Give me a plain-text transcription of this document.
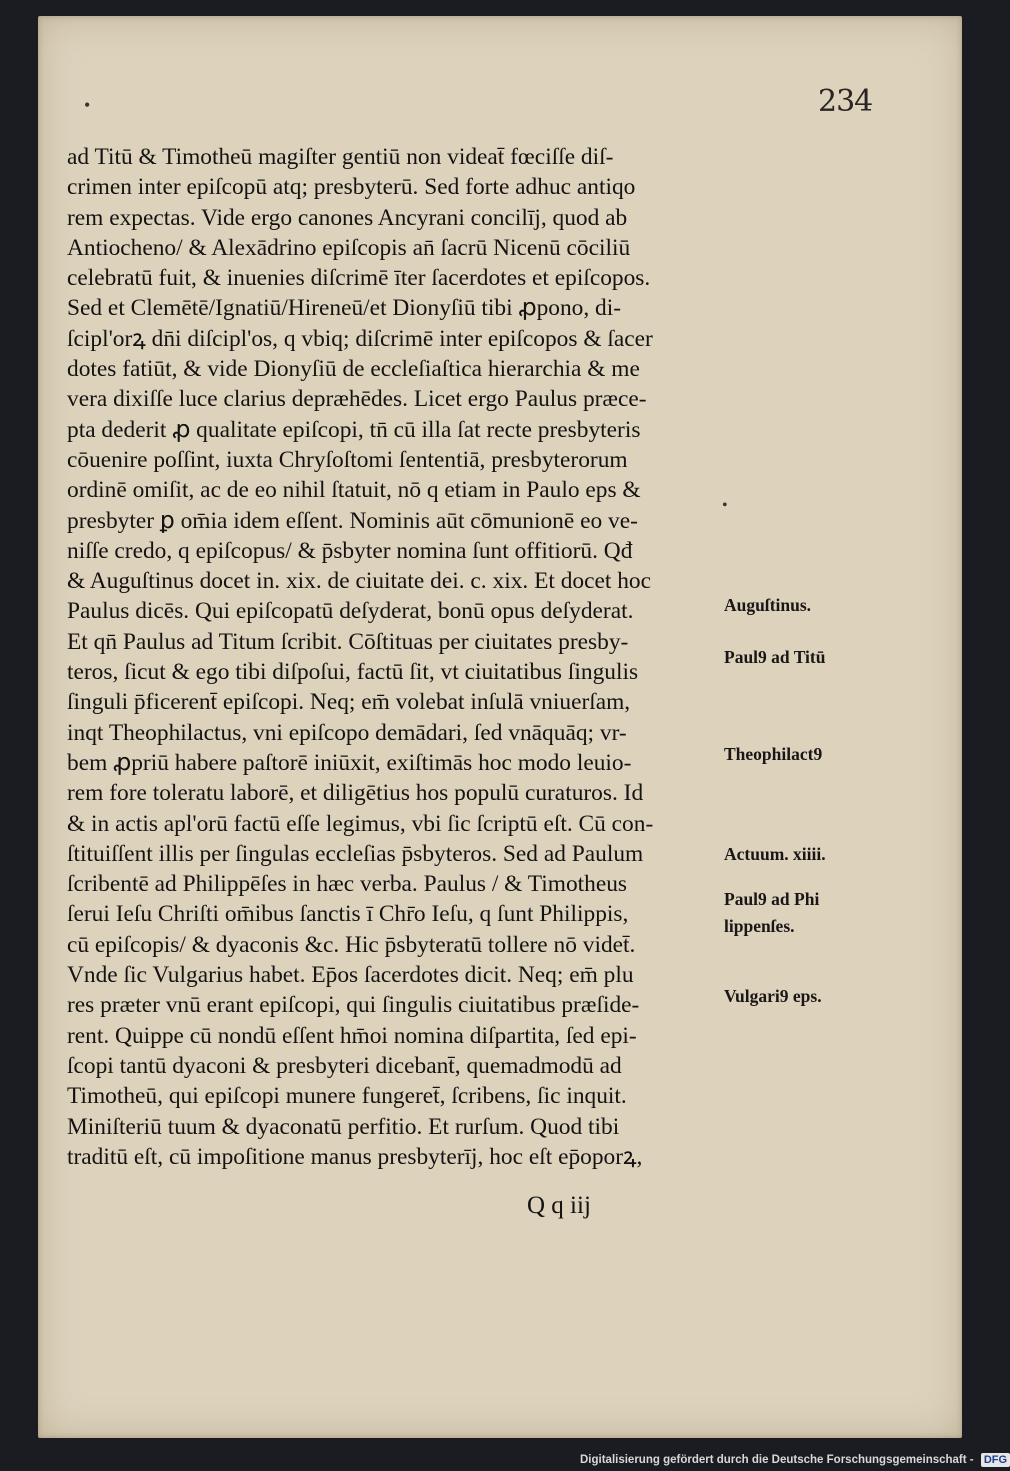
234
•
ad Titū & Timotheū magiſter gentiū non videat̄ fœciſſe diſ-
crimen inter epiſcopū atq; presbyterū. Sed forte adhuc antiqo
rem expectas. Vide ergo canones Ancyrani concilīj, quod ab
Antiocheno/ & Alexādrino epiſcopis an̄ ſacrū Nicenū cōciliū
celebratū fuit, & inuenies diſcrimē īter ſacerdotes et epiſcopos.
Sed et Clemētē/Ignatiū/Hireneū/et Dionyſiū tibi ꝓpono, di-
ſcipl'orꝝ dn̄i diſcipl'os, q vbiq; diſcrimē inter epiſcopos & ſacer
dotes fatiūt, & vide Dionyſiū de eccleſiaſtica hierarchia & me
vera dixiſſe luce clarius depræhēdes. Licet ergo Paulus præce-
pta dederit ꝓ qualitate epiſcopi, tn̄ cū illa ſat recte presbyteris
cōuenire poſſint, iuxta Chryſoſtomi ſententiā, presbyterorum
ordinē omiſit, ac de eo nihil ſtatuit, nō q etiam in Paulo eps &
presbyter ꝑ om̄ia idem eſſent. Nominis aūt cōmunionē eo ve-
niſſe credo, q epiſcopus/ & p̄sbyter nomina ſunt offitiorū. Qđ
& Auguſtinus docet in. xix. de ciuitate dei. c. xix. Et docet hoc
Paulus dicēs. Qui epiſcopatū deſyderat, bonū opus deſyderat.
Et qn̄ Paulus ad Titum ſcribit. Cōſtituas per ciuitates presby-
teros, ſicut & ego tibi diſpoſui, factū ſit, vt ciuitatibus ſingulis
ſinguli p̄ficerent̄ epiſcopi. Neq; em̄ volebat inſulā vniuerſam,
inqt Theophilactus, vni epiſcopo demādari, ſed vnāquāq; vr-
bem ꝓpriū habere paſtorē iniūxit, exiſtimās hoc modo leuio-
rem fore toleratu laborē, et diligētius hos populū curaturos. Id
& in actis apl'orū factū eſſe legimus, vbi ſic ſcriptū eſt. Cū con-
ſtituiſſent illis per ſingulas eccleſias p̄sbyteros. Sed ad Paulum
ſcribentē ad Philippēſes in hæc verba. Paulus / & Timotheus
ſerui Ieſu Chriſti om̄ibus ſanctis ī Chr̄o Ieſu, q ſunt Philippis,
cū epiſcopis/ & dyaconis &c. Hic p̄sbyteratū tollere nō videt̄.
Vnde ſic Vulgarius habet. Ep̄os ſacerdotes dicit. Neq; em̄ plu
res præter vnū erant epiſcopi, qui ſingulis ciuitatibus præſide-
rent. Quippe cū nondū eſſent hm̄oi nomina diſpartita, ſed epi-
ſcopi tantū dyaconi & presbyteri dicebant̄, quemadmodū ad
Timotheū, qui epiſcopi munere fungeret̄, ſcribens, ſic inquit.
Miniſteriū tuum & dyaconatū perfitio. Et rurſum. Quod tibi
traditū eſt, cū impoſitione manus presbyterīj, hoc eſt ep̄oporꝝ,
Q q iij
Auguſtinus.
Paul9 ad Titū
Theophilact9
Actuum. xiiii.
Paul9 ad Phi
lippenſes.
Vulgari9 eps.
•
Digitalisierung gefördert durch die Deutsche Forschungsgemeinschaft - DFG
